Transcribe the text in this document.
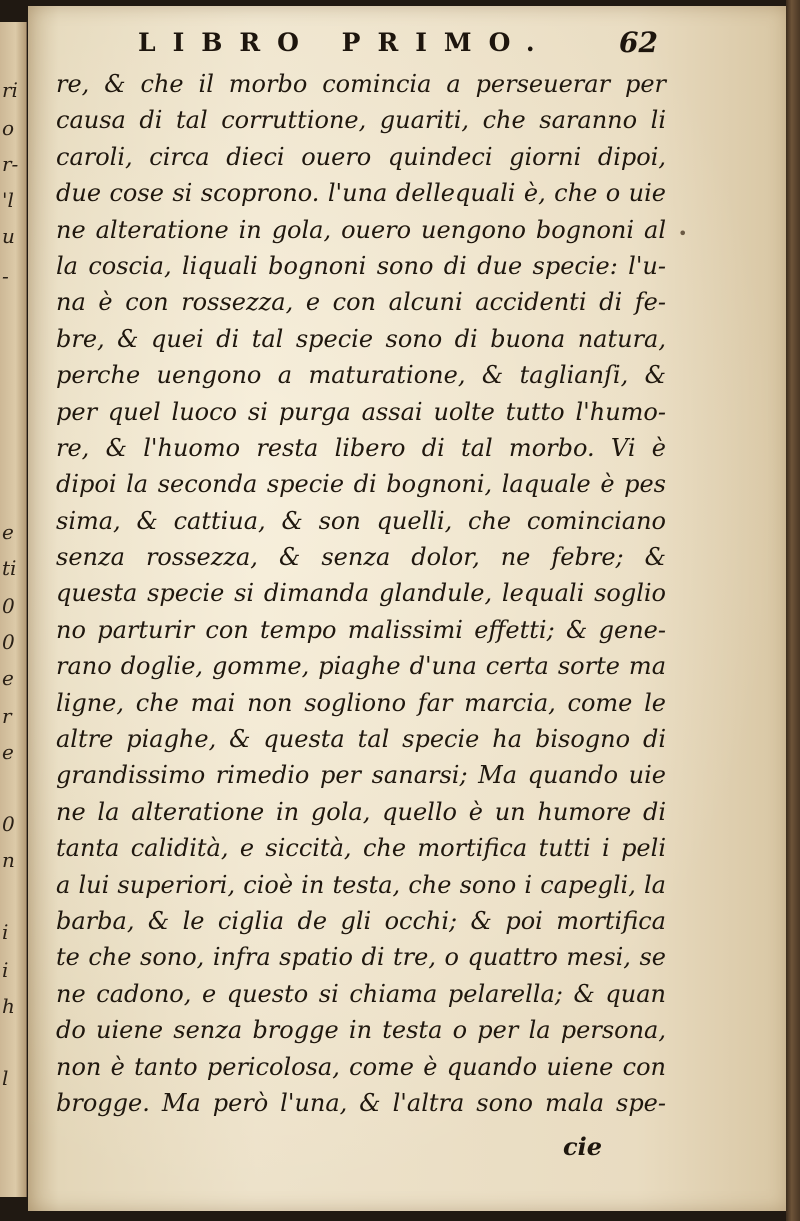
ri
o
r-
'l
u
-
e
ti
0
0
e
r
e
0
n
i
i
h
l
LIBRO PRIMO. 62
re, & che il morbo comincia a perseuerar per
causa di tal corruttione, guariti, che saranno li
caroli, circa dieci ouero quindeci giorni dipoi,
due cose si scoprono. l'una dellequali è, che o uie
ne alteratione in gola, ouero uengono bognoni al
la coscia, liquali bognoni sono di due specie: l'u-
na è con rossezza, e con alcuni accidenti di fe-
bre, & quei di tal specie sono di buona natura,
perche uengono a maturatione, & taglianſi, &
per quel luoco si purga assai uolte tutto l'humo-
re, & l'huomo resta libero di tal morbo. Vi è
dipoi la seconda specie di bognoni, laquale è pes
sima, & cattiua, & son quelli, che cominciano
senza rossezza, & senza dolor, ne febre; &
questa specie si dimanda glandule, lequali soglio
no parturir con tempo malissimi effetti; & gene-
rano doglie, gomme, piaghe d'una certa sorte ma
ligne, che mai non sogliono far marcia, come le
altre piaghe, & questa tal specie ha bisogno di
grandissimo rimedio per sanarsi; Ma quando uie
ne la alteratione in gola, quello è un humore di
tanta calidità, e siccità, che mortifica tutti i peli
a lui superiori, cioè in testa, che sono i capegli, la
barba, & le ciglia de gli occhi; & poi mortifica
te che sono, infra spatio di tre, o quattro mesi, se
ne cadono, e questo si chiama pelarella; & quan
do uiene senza brogge in testa o per la persona,
non è tanto pericolosa, come è quando uiene con
brogge. Ma però l'una, & l'altra sono mala spe-
•
cie
